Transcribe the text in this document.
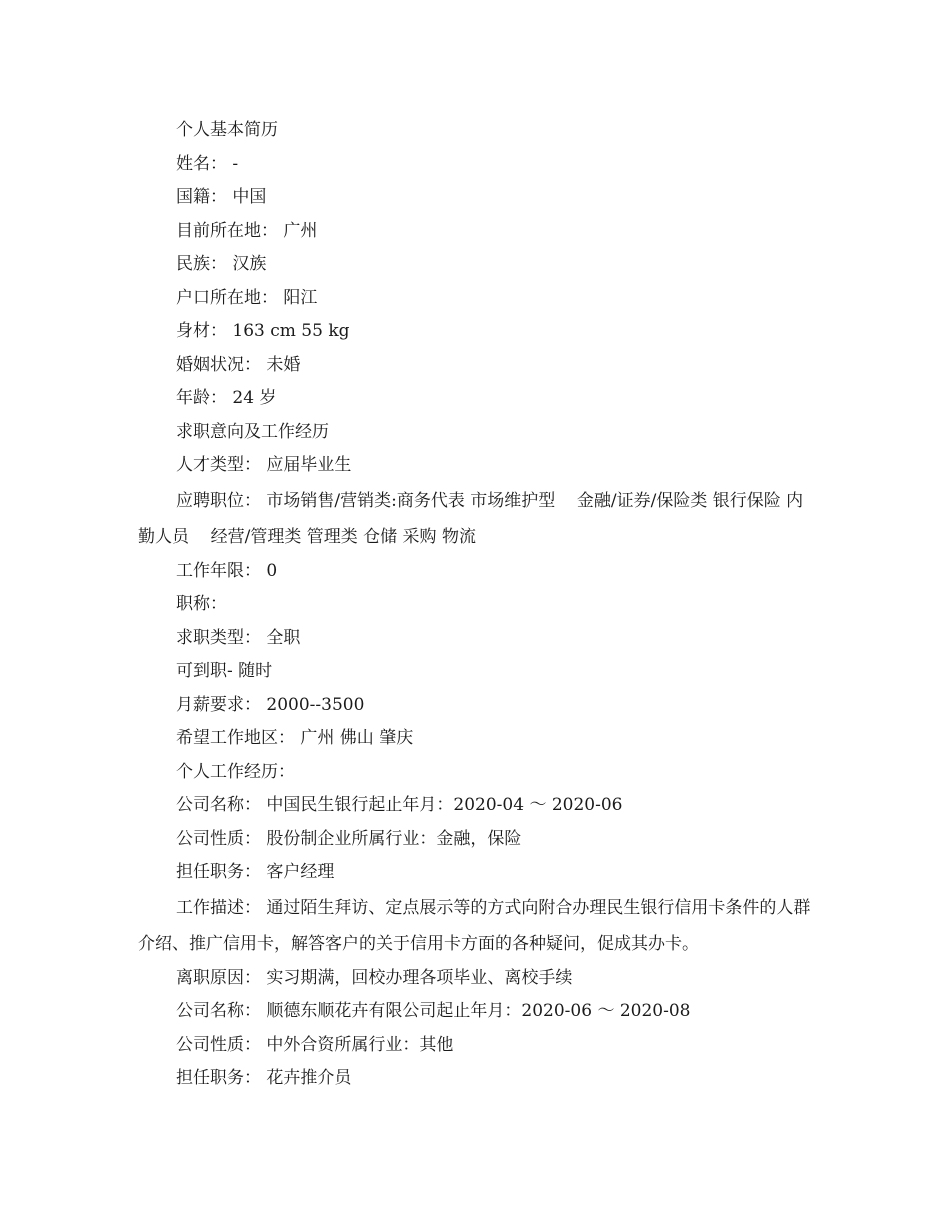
个人基本简历
姓名： -
国籍： 中国
目前所在地： 广州
民族： 汉族
户口所在地： 阳江
身材： 163 cm 55 kg
婚姻状况： 未婚
年龄： 24 岁
求职意向及工作经历
人才类型： 应届毕业生
应聘职位： 市场销售/营销类:商务代表 市场维护型    金融/证券/保险类 银行保险 内勤人员    经营/管理类 管理类 仓储 采购 物流
工作年限： 0
职称：
求职类型： 全职
可到职- 随时
月薪要求： 2000--3500
希望工作地区： 广州 佛山 肇庆
个人工作经历：
公司名称： 中国民生银行起止年月：2020-04 ～ 2020-06
公司性质： 股份制企业所属行业：金融，保险
担任职务： 客户经理
工作描述： 通过陌生拜访、定点展示等的方式向附合办理民生银行信用卡条件的人群介绍、推广信用卡，解答客户的关于信用卡方面的各种疑问，促成其办卡。
离职原因： 实习期满，回校办理各项毕业、离校手续
公司名称： 顺德东顺花卉有限公司起止年月：2020-06 ～ 2020-08
公司性质： 中外合资所属行业：其他
担任职务： 花卉推介员
